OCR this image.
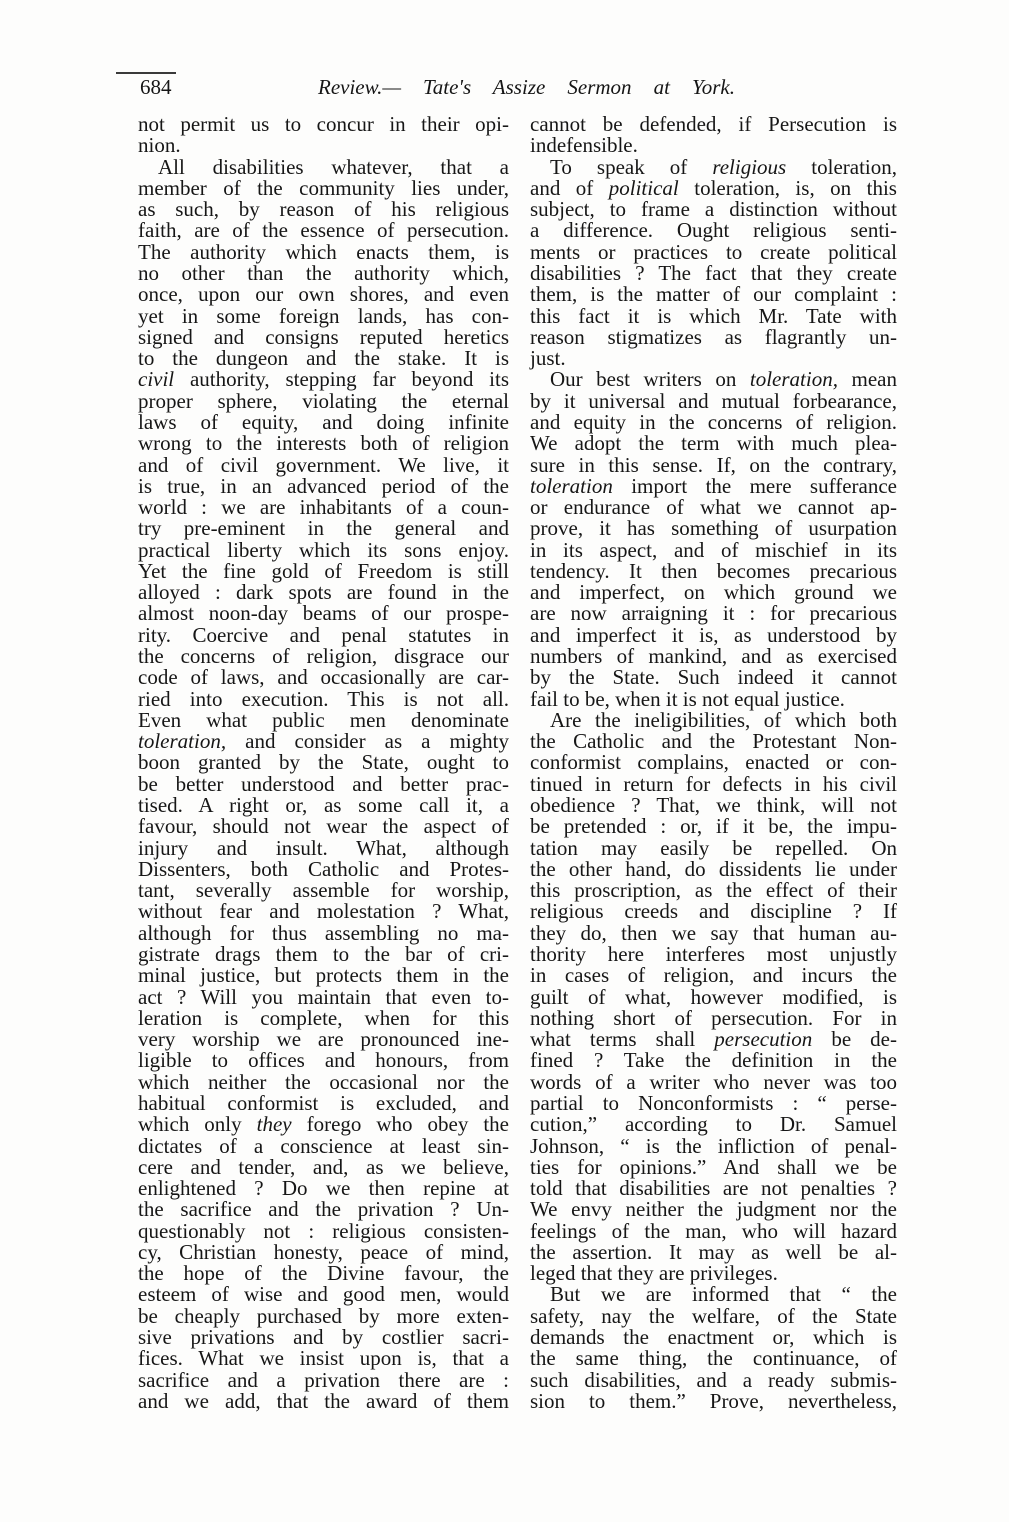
684	Review.— Tate's Assize Sermon at York.
not permit us to concur in their opi-
nion.
All disabilities whatever, that a
member of the community lies under,
as such, by reason of his religious
faith, are of the essence of persecution.
The authority which enacts them, is
no other than the authority which,
once, upon our own shores, and even
yet in some foreign lands, has con-
signed and consigns reputed heretics
to the dungeon and the stake. It is
civil authority, stepping far beyond its
proper sphere, violating the eternal
laws of equity, and doing infinite
wrong to the interests both of religion
and of civil government. We live, it
is true, in an advanced period of the
world : we are inhabitants of a coun-
try pre-eminent in the general and
practical liberty which its sons enjoy.
Yet the fine gold of Freedom is still
alloyed : dark spots are found in the
almost noon-day beams of our prospe-
rity. Coercive and penal statutes in
the concerns of religion, disgrace our
code of laws, and occasionally are car-
ried into execution. This is not all.
Even what public men denominate
toleration, and consider as a mighty
boon granted by the State, ought to
be better understood and better prac-
tised. A right or, as some call it, a
favour, should not wear the aspect of
injury and insult. What, although
Dissenters, both Catholic and Protes-
tant, severally assemble for worship,
without fear and molestation ? What,
although for thus assembling no ma-
gistrate drags them to the bar of cri-
minal justice, but protects them in the
act ? Will you maintain that even to-
leration is complete, when for this
very worship we are pronounced ine-
ligible to offices and honours, from
which neither the occasional nor the
habitual conformist is excluded, and
which only they forego who obey the
dictates of a conscience at least sin-
cere and tender, and, as we believe,
enlightened ? Do we then repine at
the sacrifice and the privation ? Un-
questionably not : religious consisten-
cy, Christian honesty, peace of mind,
the hope of the Divine favour, the
esteem of wise and good men, would
be cheaply purchased by more exten-
sive privations and by costlier sacri-
fices. What we insist upon is, that a
sacrifice and a privation there are :
and we add, that the award of them
cannot be defended, if Persecution is
indefensible.
To speak of religious toleration,
and of political toleration, is, on this
subject, to frame a distinction without
a difference. Ought religious senti-
ments or practices to create political
disabilities ? The fact that they create
them, is the matter of our complaint :
this fact it is which Mr. Tate with
reason stigmatizes as flagrantly un-
just.
Our best writers on toleration, mean
by it universal and mutual forbearance,
and equity in the concerns of religion.
We adopt the term with much plea-
sure in this sense. If, on the contrary,
toleration import the mere sufferance
or endurance of what we cannot ap-
prove, it has something of usurpation
in its aspect, and of mischief in its
tendency. It then becomes precarious
and imperfect, on which ground we
are now arraigning it : for precarious
and imperfect it is, as understood by
numbers of mankind, and as exercised
by the State. Such indeed it cannot
fail to be, when it is not equal justice.
Are the ineligibilities, of which both
the Catholic and the Protestant Non-
conformist complains, enacted or con-
tinued in return for defects in his civil
obedience ? That, we think, will not
be pretended : or, if it be, the impu-
tation may easily be repelled. On
the other hand, do dissidents lie under
this proscription, as the effect of their
religious creeds and discipline ? If
they do, then we say that human au-
thority here interferes most unjustly
in cases of religion, and incurs the
guilt of what, however modified, is
nothing short of persecution. For in
what terms shall persecution be de-
fined ? Take the definition in the
words of a writer who never was too
partial to Nonconformists : “ perse-
cution,” according to Dr. Samuel
Johnson, “ is the infliction of penal-
ties for opinions.” And shall we be
told that disabilities are not penalties ?
We envy neither the judgment nor the
feelings of the man, who will hazard
the assertion. It may as well be al-
leged that they are privileges.
But we are informed that “ the
safety, nay the welfare, of the State
demands the enactment or, which is
the same thing, the continuance, of
such disabilities, and a ready submis-
sion to them.” Prove, nevertheless,
